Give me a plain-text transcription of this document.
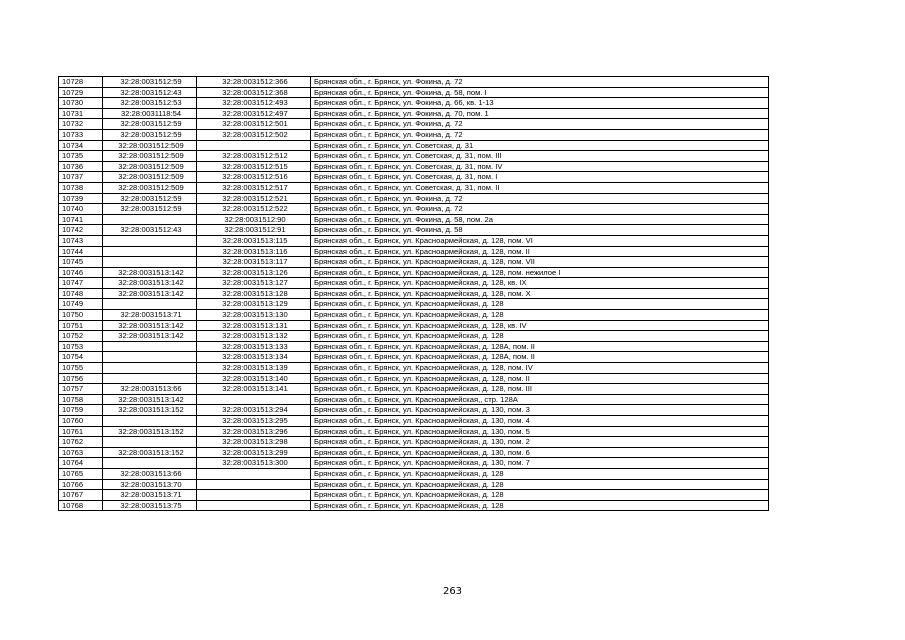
10728	32:28:0031512:59	32:28:0031512:366	Брянская обл., г. Брянск, ул. Фокина, д. 72
10729	32:28:0031512:43	32:28:0031512:368	Брянская обл., г. Брянск, ул. Фокина, д. 58, пом. I
10730	32:28:0031512:53	32:28:0031512:493	Брянская обл., г. Брянск, ул. Фокина, д. 66, кв. 1-13
10731	32:28:0031118:54	32:28:0031512:497	Брянская обл., г. Брянск, ул. Фокина, д. 70, пом. 1
10732	32:28:0031512:59	32:28:0031512:501	Брянская обл., г. Брянск, ул. Фокина, д. 72
10733	32:28:0031512:59	32:28:0031512:502	Брянская обл., г. Брянск, ул. Фокина, д. 72
10734	32:28:0031512:509		Брянская обл., г. Брянск, ул. Советская, д. 31
10735	32:28:0031512:509	32:28:0031512:512	Брянская обл., г. Брянск, ул. Советская, д. 31, пом. III
10736	32:28:0031512:509	32:28:0031512:515	Брянская обл., г. Брянск, ул. Советская, д. 31, пом. IV
10737	32:28:0031512:509	32:28:0031512:516	Брянская обл., г. Брянск, ул. Советская, д. 31, пом. I
10738	32:28:0031512:509	32:28:0031512:517	Брянская обл., г. Брянск, ул. Советская, д. 31, пом. II
10739	32:28:0031512:59	32:28:0031512:521	Брянская обл., г. Брянск, ул. Фокина, д. 72
10740	32:28:0031512:59	32:28:0031512:522	Брянская обл., г. Брянск, ул. Фокина, д. 72
10741		32:28:0031512:90	Брянская обл., г. Брянск, ул. Фокина, д. 58, пом. 2а
10742	32:28:0031512:43	32:28:0031512:91	Брянская обл., г. Брянск, ул. Фокина, д. 58
10743		32:28:0031513:115	Брянская обл., г. Брянск, ул. Красноармейская, д. 128, пом. VI
10744		32:28:0031513:116	Брянская обл., г. Брянск, ул. Красноармейская, д. 128, пом. II
10745		32:28:0031513:117	Брянская обл., г. Брянск, ул. Красноармейская, д. 128, пом. VII
10746	32:28:0031513:142	32:28:0031513:126	Брянская обл., г. Брянск, ул. Красноармейская, д. 128, пом. нежилое I
10747	32:28:0031513:142	32:28:0031513:127	Брянская обл., г. Брянск, ул. Красноармейская, д. 128, кв. IX
10748	32:28:0031513:142	32:28:0031513:128	Брянская обл., г. Брянск, ул. Красноармейская, д. 128, пом. X
10749		32:28:0031513:129	Брянская обл., г. Брянск, ул. Красноармейская, д. 128
10750	32:28:0031513:71	32:28:0031513:130	Брянская обл., г. Брянск, ул. Красноармейская, д. 128
10751	32:28:0031513:142	32:28:0031513:131	Брянская обл., г. Брянск, ул. Красноармейская, д. 128, кв. IV
10752	32:28:0031513:142	32:28:0031513:132	Брянская обл., г. Брянск, ул. Красноармейская, д. 128
10753		32:28:0031513:133	Брянская обл., г. Брянск, ул. Красноармейская, д. 128А, пом. II
10754		32:28:0031513:134	Брянская обл., г. Брянск, ул. Красноармейская, д. 128А, пом. II
10755		32:28:0031513:139	Брянская обл., г. Брянск, ул. Красноармейская, д. 128, пом. IV
10756		32:28:0031513:140	Брянская обл., г. Брянск, ул. Красноармейская, д. 128, пом. II
10757	32:28:0031513:66	32:28:0031513:141	Брянская обл., г. Брянск, ул. Красноармейская, д. 128, пом. III
10758	32:28:0031513:142		Брянская обл., г. Брянск, ул. Красноармейская,, стр. 128А
10759	32:28:0031513:152	32:28:0031513:294	Брянская обл., г. Брянск, ул. Красноармейская, д. 130, пом. 3
10760		32:28:0031513:295	Брянская обл., г. Брянск, ул. Красноармейская, д. 130, пом. 4
10761	32:28:0031513:152	32:28:0031513:296	Брянская обл., г. Брянск, ул. Красноармейская, д. 130, пом. 5
10762		32:28:0031513:298	Брянская обл., г. Брянск, ул. Красноармейская, д. 130, пом. 2
10763	32:28:0031513:152	32:28:0031513:299	Брянская обл., г. Брянск, ул. Красноармейская, д. 130, пом. 6
10764		32:28:0031513:300	Брянская обл., г. Брянск, ул. Красноармейская, д. 130, пом. 7
10765	32:28:0031513:66		Брянская обл., г. Брянск, ул. Красноармейская, д. 128
10766	32:28:0031513:70		Брянская обл., г. Брянск, ул. Красноармейская, д. 128
10767	32:28:0031513:71		Брянская обл., г. Брянск, ул. Красноармейская, д. 128
10768	32:28:0031513:75		Брянская обл., г. Брянск, ул. Красноармейская, д. 128
263
